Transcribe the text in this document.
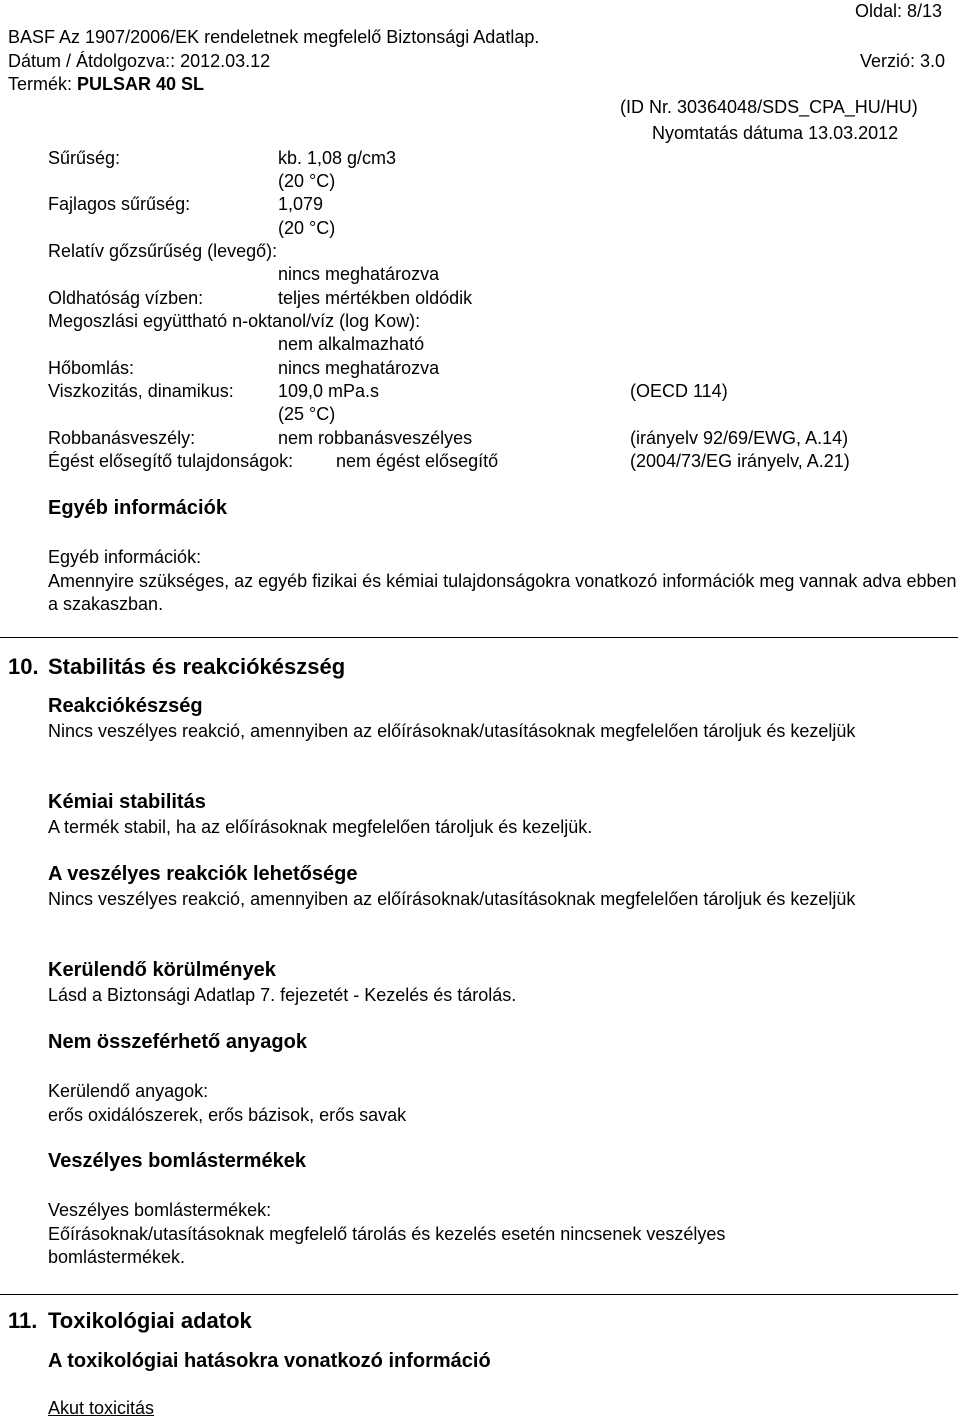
Oldal: 8/13
BASF Az 1907/2006/EK rendeletnek megfelelő Biztonsági Adatlap.
Dátum / Átdolgozva:: 2012.03.12	Verzió: 3.0
Termék: PULSAR 40 SL
(ID Nr. 30364048/SDS_CPA_HU/HU)
Nyomtatás dátuma 13.03.2012
Sűrűség:	kb. 1,08 g/cm3
(20 °C)
Fajlagos sűrűség:	1,079
(20 °C)
Relatív gőzsűrűség (levegő):
nincs meghatározva
Oldhatóság vízben:	teljes mértékben oldódik
Megoszlási együttható n-oktanol/víz (log Kow):
nem alkalmazható
Hőbomlás:	nincs meghatározva
Viszkozitás, dinamikus: 109,0 mPa.s	(OECD 114)
(25 °C)
Robbanásveszély:	nem robbanásveszélyes	(irányelv 92/69/EWG, A.14)
Égést elősegítő tulajdonságok: nem égést elősegítő	(2004/73/EG irányelv, A.21)
Egyéb információk
Egyéb információk:
Amennyire szükséges, az egyéb fizikai és kémiai tulajdonságokra vonatkozó információk meg vannak adva ebben a szakaszban.
10. Stabilitás és reakciókészség
Reakciókészség
Nincs veszélyes reakció, amennyiben az előírásoknak/utasításoknak megfelelően tároljuk és kezeljük
Kémiai stabilitás
A termék stabil, ha az előírásoknak megfelelően tároljuk és kezeljük.
A veszélyes reakciók lehetősége
Nincs veszélyes reakció, amennyiben az előírásoknak/utasításoknak megfelelően tároljuk és kezeljük
Kerülendő körülmények
Lásd a Biztonsági Adatlap 7. fejezetét - Kezelés és tárolás.
Nem összeférhető anyagok
Kerülendő anyagok:
erős oxidálószerek, erős bázisok, erős savak
Veszélyes bomlástermékek
Veszélyes bomlástermékek:
Eőírásoknak/utasításoknak megfelelő tárolás és kezelés esetén nincsenek veszélyes bomlástermékek.
11. Toxikológiai adatok
A toxikológiai hatásokra vonatkozó információ
Akut toxicitás
